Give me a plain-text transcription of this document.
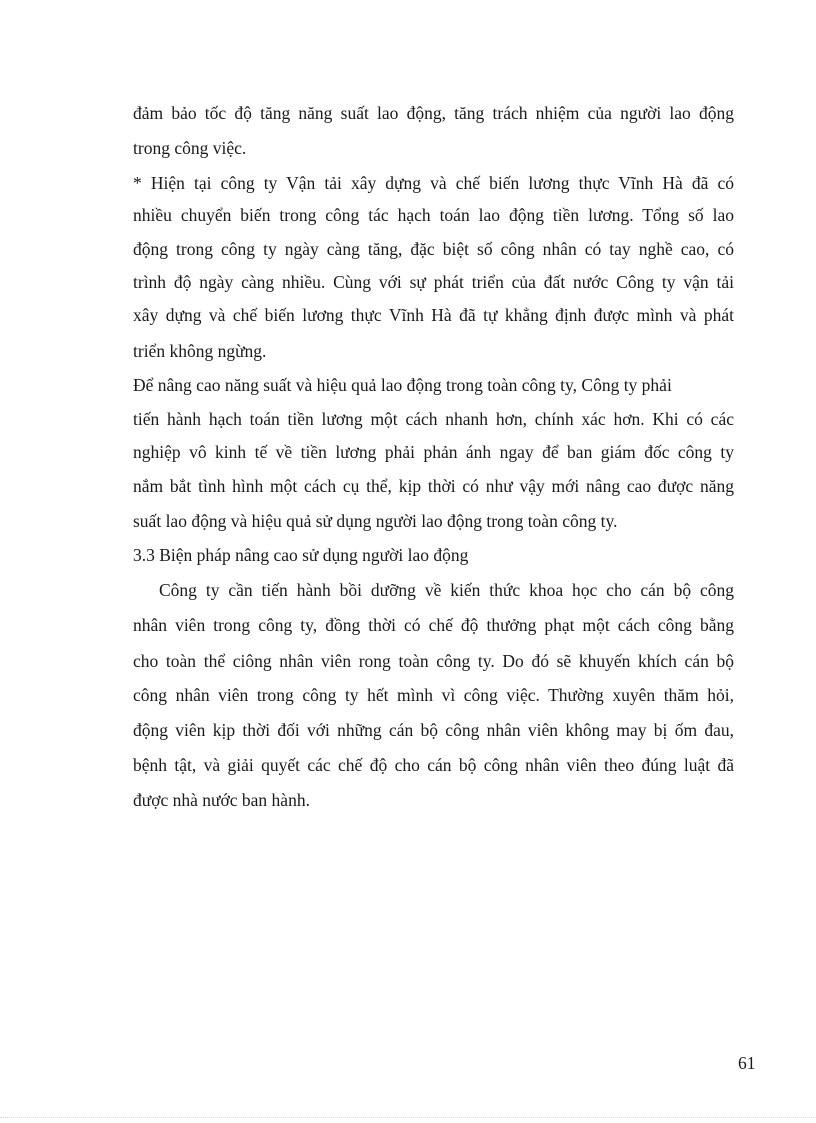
đảm bảo tốc độ tăng năng suất lao động, tăng trách nhiệm của người lao động
trong công việc.
* Hiện tại công ty Vận tải xây dựng và chế biến lương thực Vĩnh Hà đã có
nhiều chuyển biến trong công tác hạch toán lao động tiền lương. Tổng số lao
động trong công ty ngày càng tăng, đặc biệt số công nhân có tay nghề cao, có
trình độ ngày càng nhiều. Cùng với sự phát triển của đất nước Công ty vận tải
xây dựng và chế biến lương thực Vĩnh Hà đã tự khẳng định được mình và phát
triển không ngừng.
Để nâng cao năng suất và hiệu quả lao động trong toàn công ty, Công ty phải
tiến hành hạch toán tiền lương một cách nhanh hơn, chính xác hơn. Khi có các
nghiệp vô kinh tế về tiền lương phải phản ánh ngay để ban giám đốc công ty
nắm bắt tình hình một cách cụ thể, kịp thời có như vậy mới nâng cao được năng
suất lao động và hiệu quả sử dụng người lao động trong toàn công ty.
3.3 Biện pháp nâng cao sử dụng người lao động
Công ty cần tiến hành bồi dưỡng về kiến thức khoa học cho cán bộ công
nhân viên trong công ty, đồng thời có chế độ thưởng phạt một cách công bằng
cho toàn thể ciông nhân viên rong toàn công ty. Do đó sẽ khuyến khích cán bộ
công nhân viên trong công ty hết mình vì công việc. Thường xuyên thăm hỏi,
động viên kịp thời đối với những cán bộ công nhân viên không may bị ốm đau,
bệnh tật, và giải quyết các chế độ cho cán bộ công nhân viên theo đúng luật đã
được nhà nước ban hành.
61
